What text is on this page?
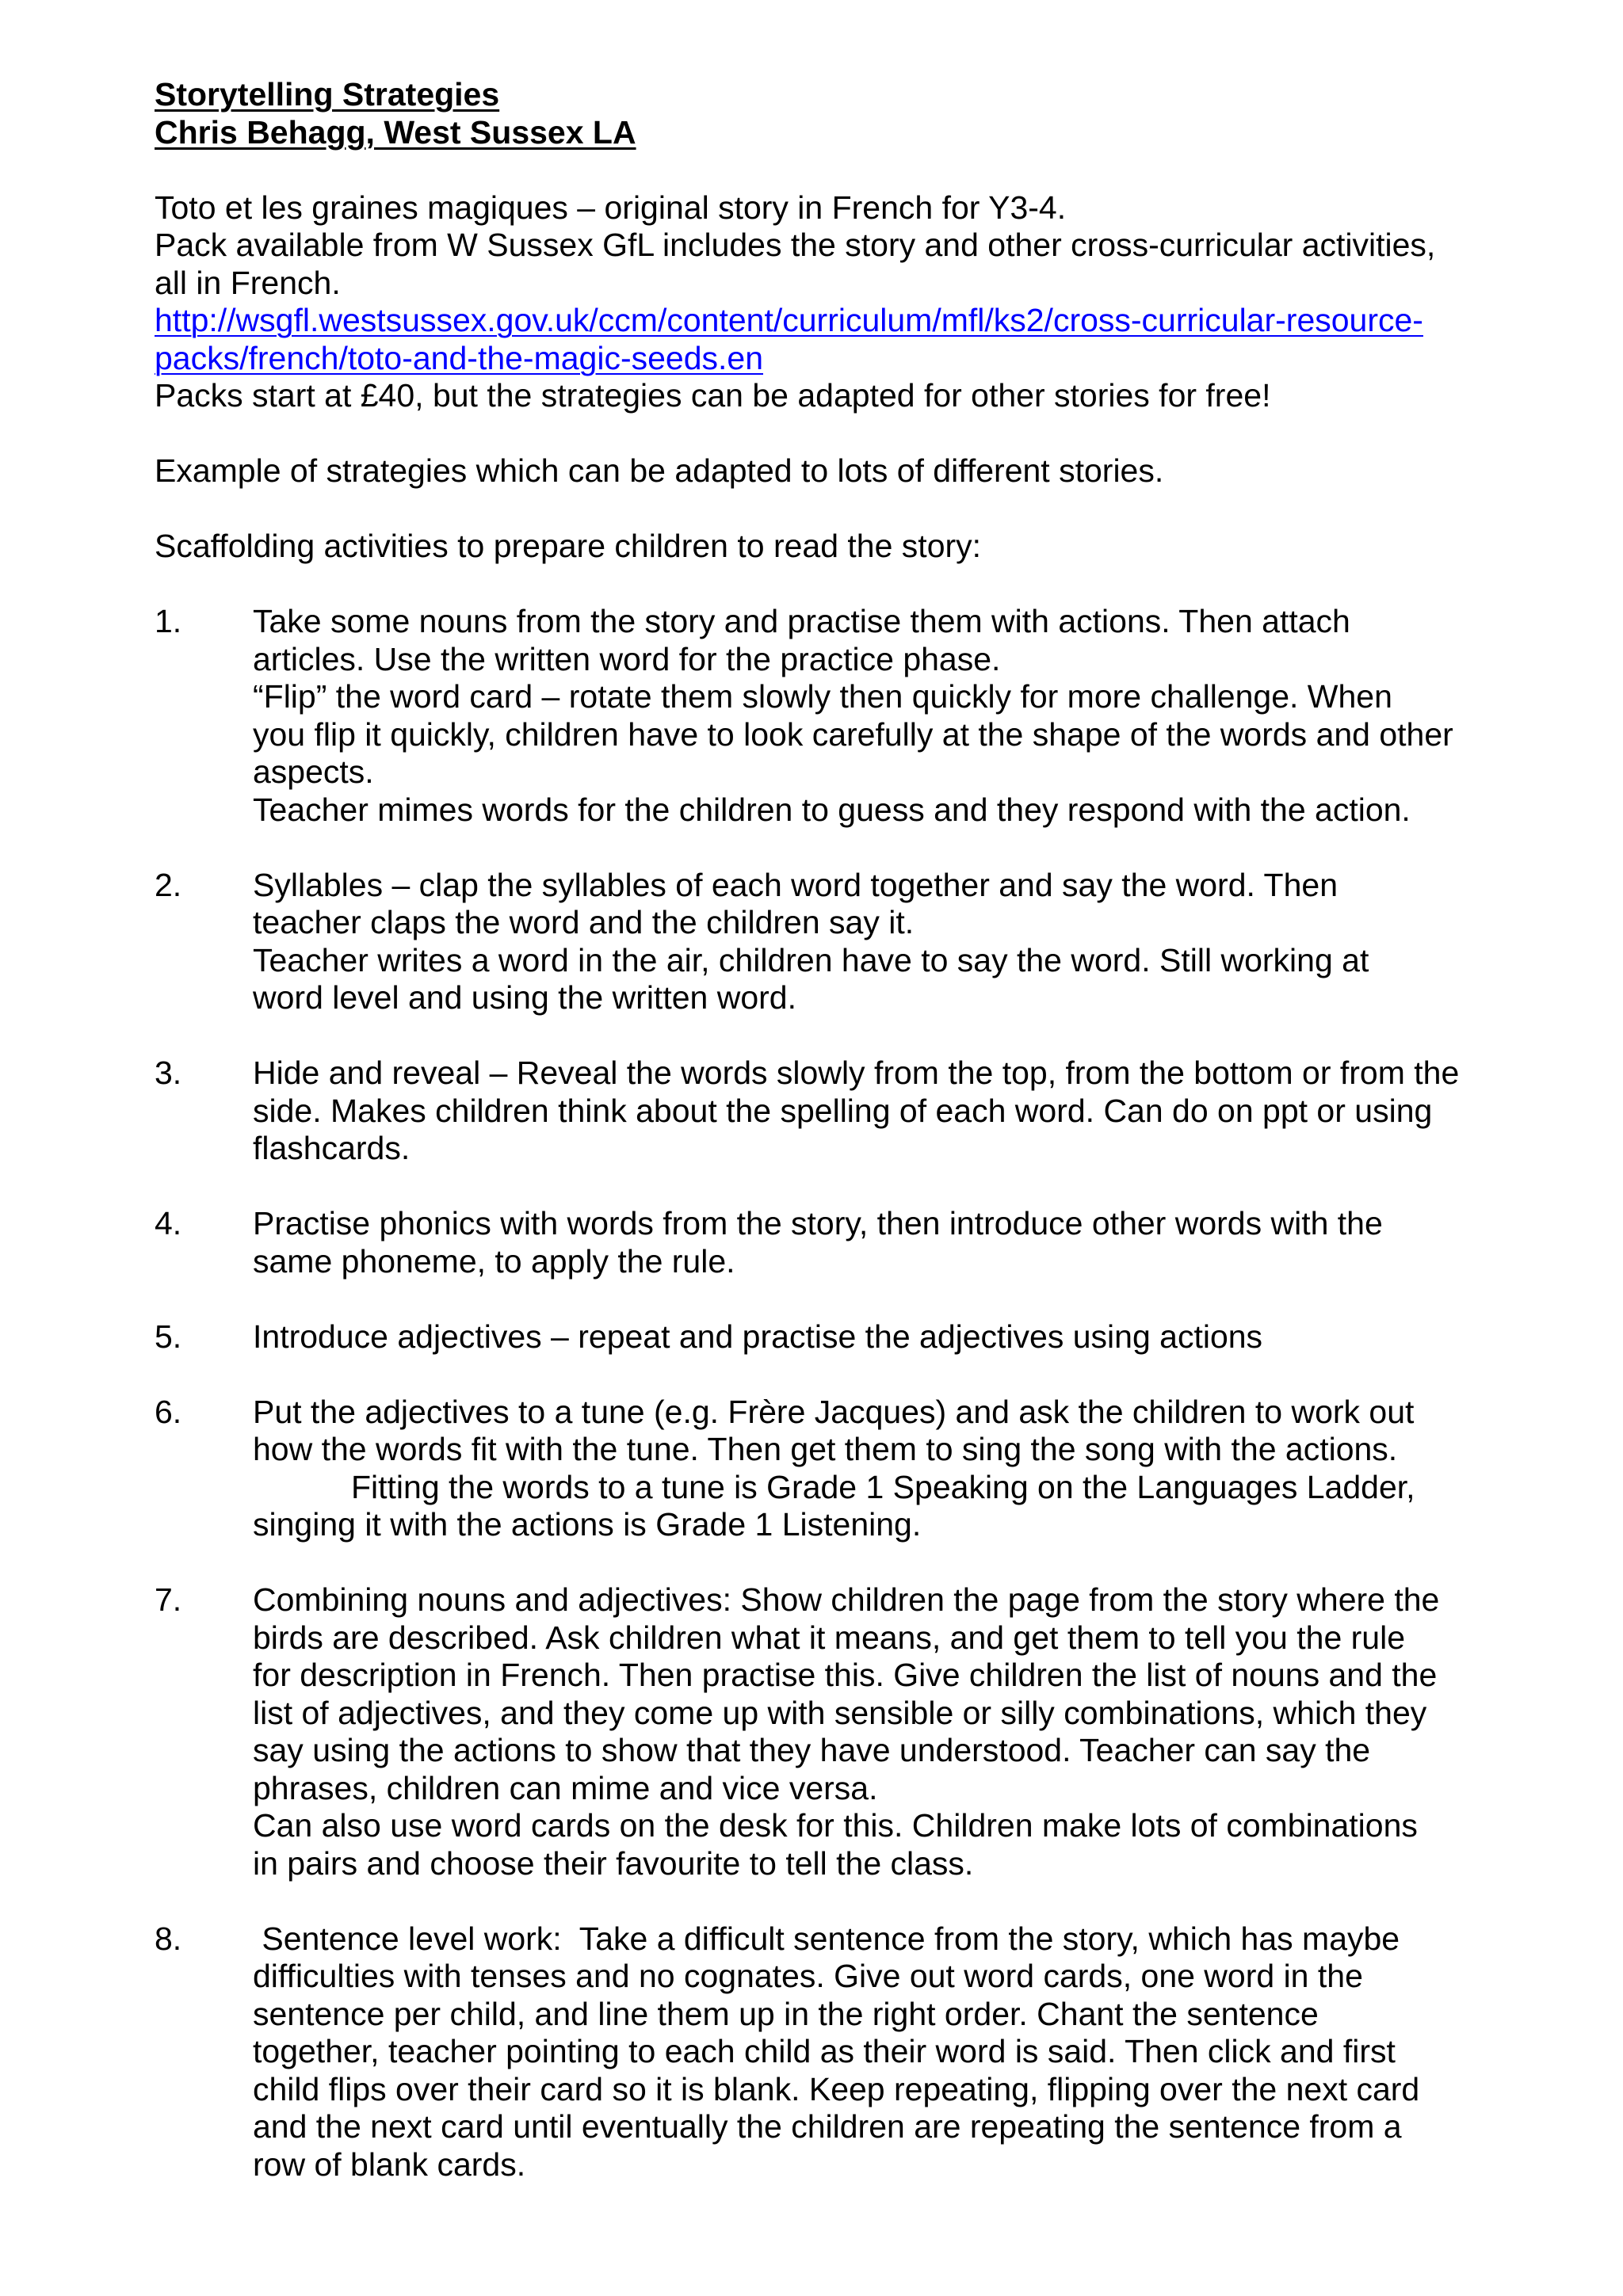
Storytelling Strategies

Chris Behagg, West Sussex LA

Toto et les graines magiques – original story in French for Y3-4.

Pack available from W Sussex GfL includes the story and other cross-curricular activities,

all in French.

http://wsgfl.westsussex.gov.uk/ccm/content/curriculum/mfl/ks2/cross-curricular-resource-
packs/french/toto-and-the-magic-seeds.en

Packs start at £40, but the strategies can be adapted for other stories for free!

Example of strategies which can be adapted to lots of different stories.

Scaffolding activities to prepare children to read the story:

1. Take some nouns from the story and practise them with actions. Then attach
articles. Use the written word for the practice phase.
“Flip” the word card – rotate them slowly then quickly for more challenge. When
you flip it quickly, children have to look carefully at the shape of the words and other
aspects.
Teacher mimes words for the children to guess and they respond with the action.
2. Syllables – clap the syllables of each word together and say the word. Then
teacher claps the word and the children say it.
Teacher writes a word in the air, children have to say the word. Still working at
word level and using the written word.
3. Hide and reveal – Reveal the words slowly from the top, from the bottom or from the
side. Makes children think about the spelling of each word. Can do on ppt or using
flashcards.
4. Practise phonics with words from the story, then introduce other words with the
same phoneme, to apply the rule.
5. Introduce adjectives – repeat and practise the adjectives using actions
6. Put the adjectives to a tune (e.g. Frère Jacques) and ask the children to work out
how the words fit with the tune. Then get them to sing the song with the actions.
Fitting the words to a tune is Grade 1 Speaking on the Languages Ladder,
singing it with the actions is Grade 1 Listening.
7. Combining nouns and adjectives: Show children the page from the story where the
birds are described. Ask children what it means, and get them to tell you the rule
for description in French. Then practise this. Give children the list of nouns and the
list of adjectives, and they come up with sensible or silly combinations, which they
say using the actions to show that they have understood. Teacher can say the
phrases, children can mime and vice versa.
Can also use word cards on the desk for this. Children make lots of combinations
in pairs and choose their favourite to tell the class.
8. Sentence level work:  Take a difficult sentence from the story, which has maybe
difficulties with tenses and no cognates. Give out word cards, one word in the
sentence per child, and line them up in the right order. Chant the sentence
together, teacher pointing to each child as their word is said. Then click and first
child flips over their card so it is blank. Keep repeating, flipping over the next card
and the next card until eventually the children are repeating the sentence from a
row of blank cards.
